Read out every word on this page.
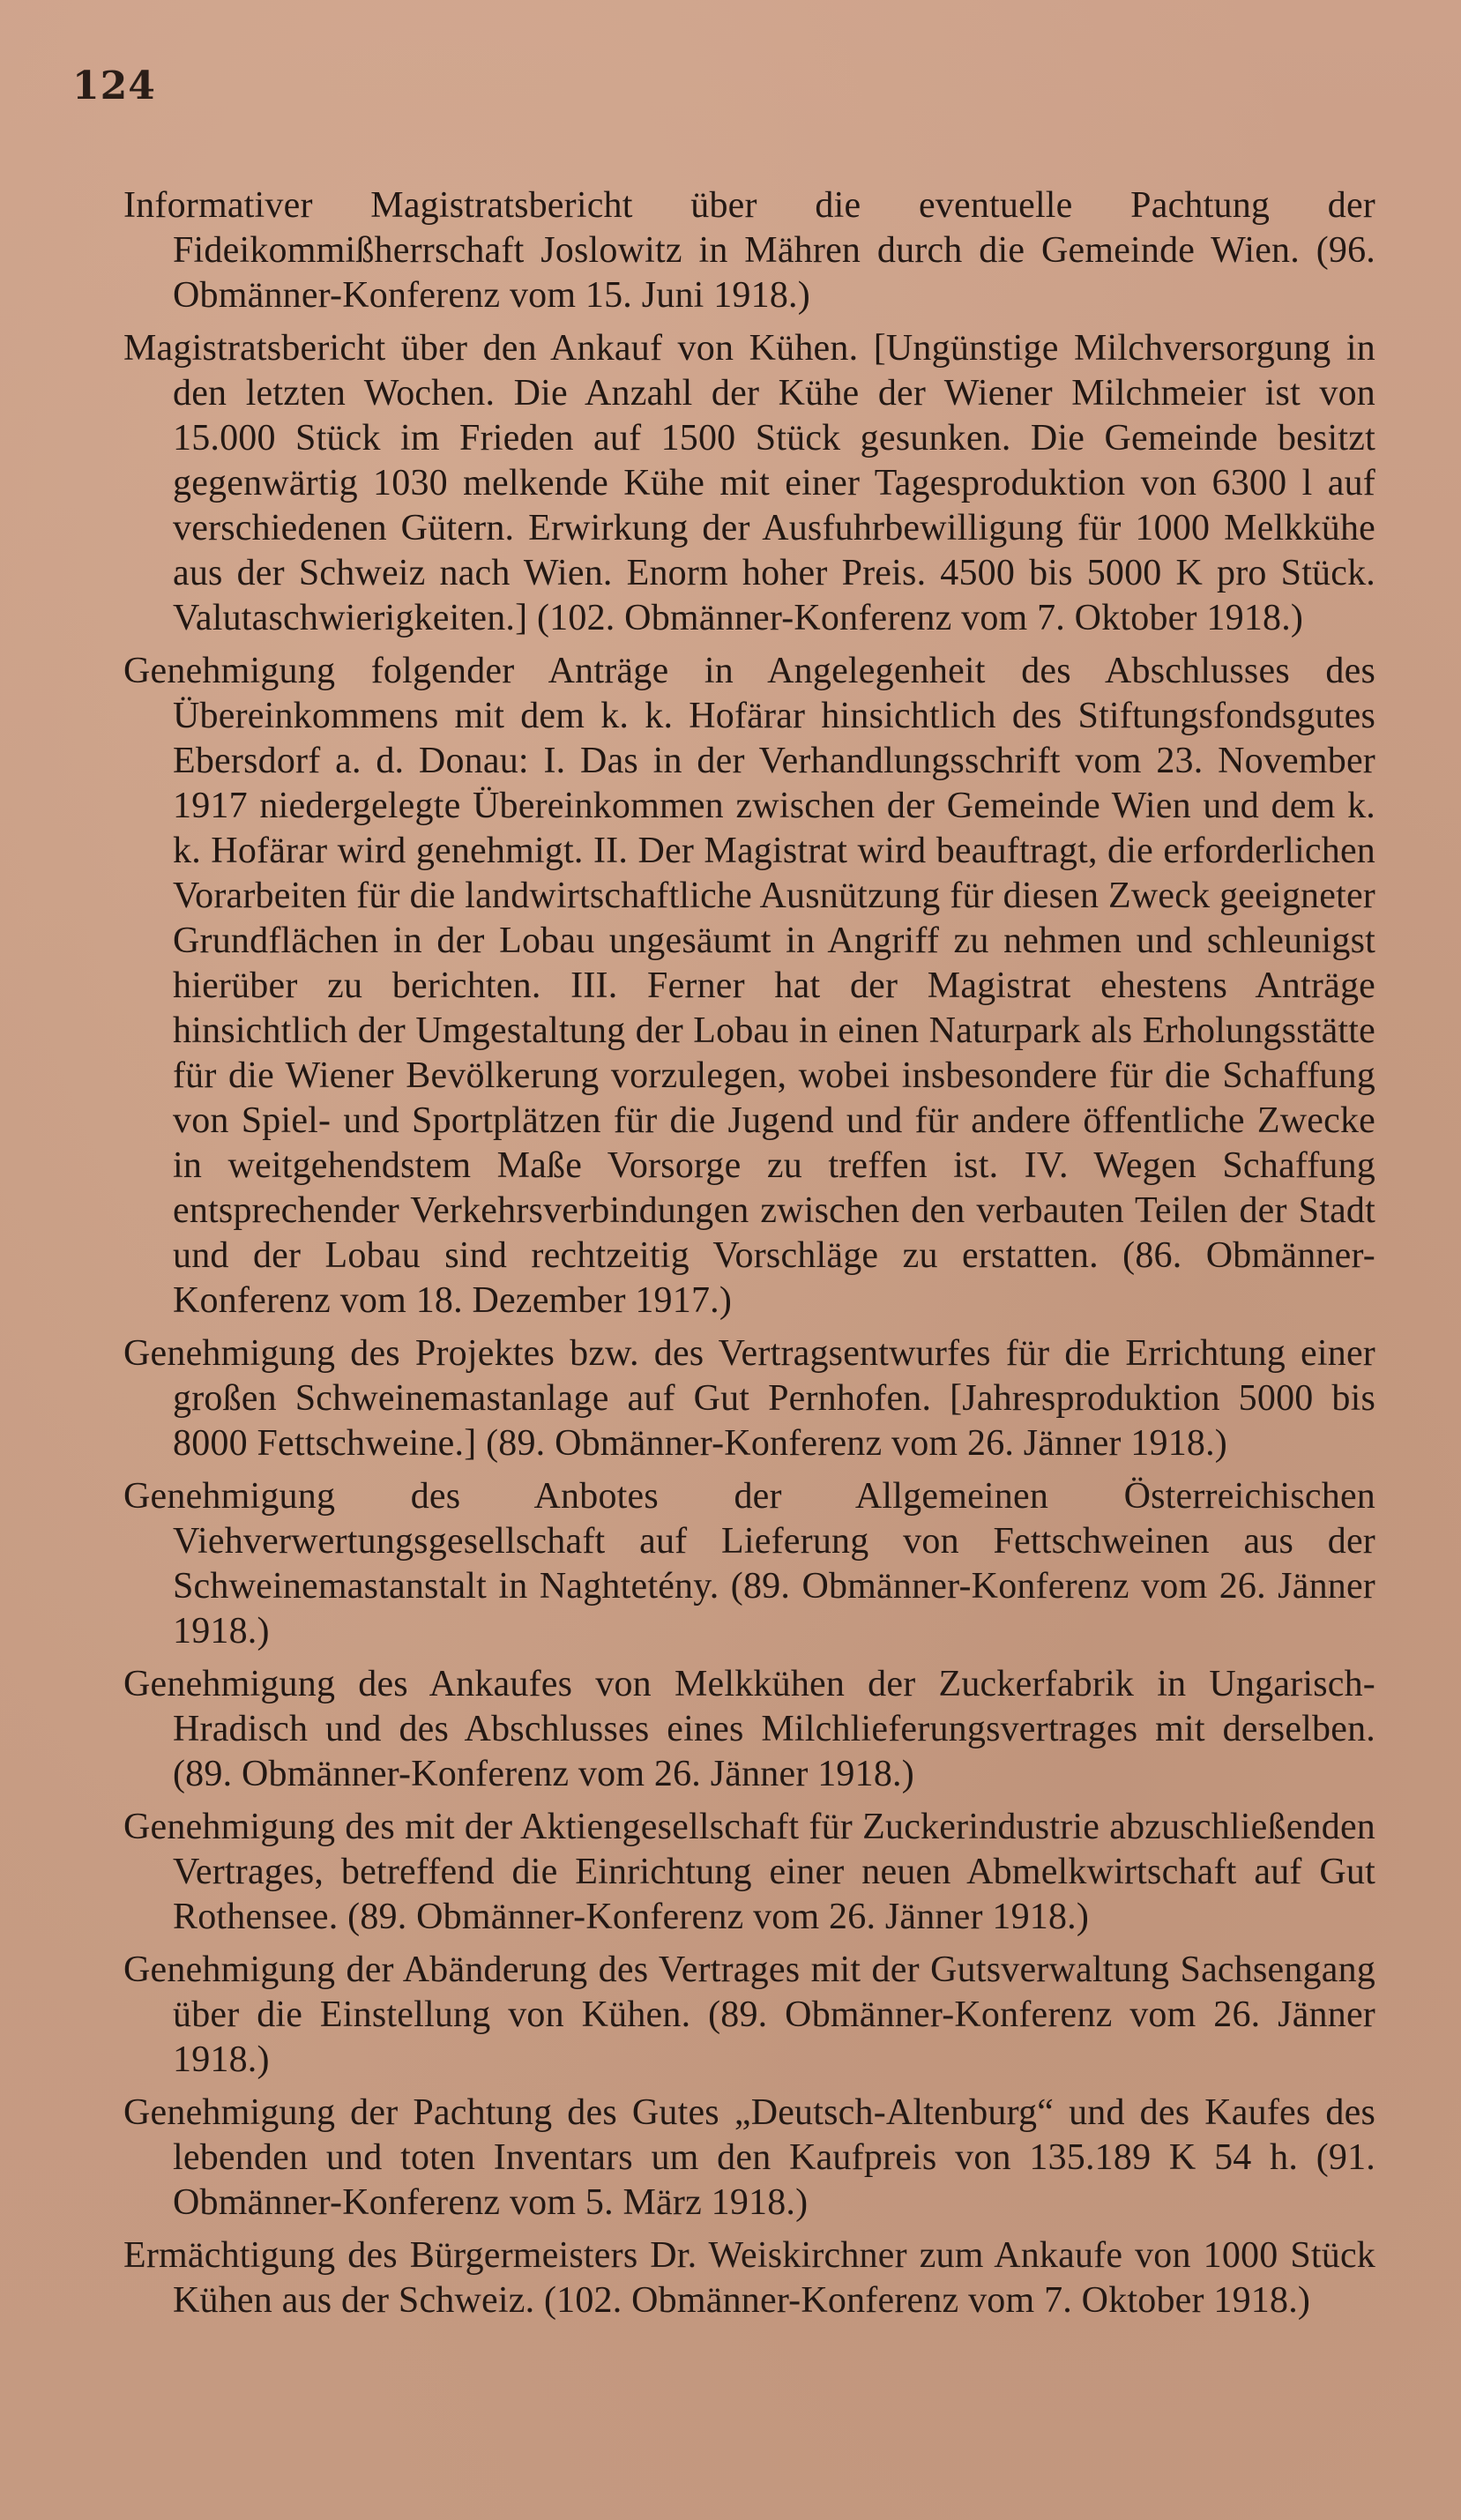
124

Informativer Magistratsbericht über die eventuelle Pachtung der Fideikommißherrschaft Joslowitz in Mähren durch die Gemeinde Wien. (96. Obmänner-Konferenz vom 15. Juni 1918.)

Magistratsbericht über den Ankauf von Kühen. [Ungünstige Milchversorgung in den letzten Wochen. Die Anzahl der Kühe der Wiener Milchmeier ist von 15.000 Stück im Frieden auf 1500 Stück gesunken. Die Gemeinde besitzt gegenwärtig 1030 melkende Kühe mit einer Tagesproduktion von 6300 l auf verschiedenen Gütern. Erwirkung der Ausfuhrbewilligung für 1000 Melkkühe aus der Schweiz nach Wien. Enorm hoher Preis. 4500 bis 5000 K pro Stück. Valutaschwierigkeiten.] (102. Obmänner-Konferenz vom 7. Oktober 1918.)

Genehmigung folgender Anträge in Angelegenheit des Abschlusses des Übereinkommens mit dem k. k. Hofärar hinsichtlich des Stiftungsfondsgutes Ebersdorf a. d. Donau: I. Das in der Verhandlungsschrift vom 23. November 1917 niedergelegte Übereinkommen zwischen der Gemeinde Wien und dem k. k. Hofärar wird genehmigt. II. Der Magistrat wird beauftragt, die erforderlichen Vorarbeiten für die landwirtschaftliche Ausnützung für diesen Zweck geeigneter Grundflächen in der Lobau ungesäumt in Angriff zu nehmen und schleunigst hierüber zu berichten. III. Ferner hat der Magistrat ehestens Anträge hinsichtlich der Umgestaltung der Lobau in einen Naturpark als Erholungsstätte für die Wiener Bevölkerung vorzulegen, wobei insbesondere für die Schaffung von Spiel- und Sportplätzen für die Jugend und für andere öffentliche Zwecke in weitgehendstem Maße Vorsorge zu treffen ist. IV. Wegen Schaffung entsprechender Verkehrsverbindungen zwischen den verbauten Teilen der Stadt und der Lobau sind rechtzeitig Vorschläge zu erstatten. (86. Obmänner-Konferenz vom 18. Dezember 1917.)

Genehmigung des Projektes bzw. des Vertragsentwurfes für die Errichtung einer großen Schweinemastanlage auf Gut Pernhofen. [Jahresproduktion 5000 bis 8000 Fettschweine.] (89. Obmänner-Konferenz vom 26. Jänner 1918.)

Genehmigung des Anbotes der Allgemeinen Österreichischen Viehverwertungsgesellschaft auf Lieferung von Fettschweinen aus der Schweinemastanstalt in Naghtetény. (89. Obmänner-Konferenz vom 26. Jänner 1918.)

Genehmigung des Ankaufes von Melkkühen der Zuckerfabrik in Ungarisch-Hradisch und des Abschlusses eines Milchlieferungsvertrages mit derselben. (89. Obmänner-Konferenz vom 26. Jänner 1918.)

Genehmigung des mit der Aktiengesellschaft für Zuckerindustrie abzuschließenden Vertrages, betreffend die Einrichtung einer neuen Abmelkwirtschaft auf Gut Rothensee. (89. Obmänner-Konferenz vom 26. Jänner 1918.)

Genehmigung der Abänderung des Vertrages mit der Gutsverwaltung Sachsengang über die Einstellung von Kühen. (89. Obmänner-Konferenz vom 26. Jänner 1918.)

Genehmigung der Pachtung des Gutes „Deutsch-Altenburg“ und des Kaufes des lebenden und toten Inventars um den Kaufpreis von 135.189 K 54 h. (91. Obmänner-Konferenz vom 5. März 1918.)

Ermächtigung des Bürgermeisters Dr. Weiskirchner zum Ankaufe von 1000 Stück Kühen aus der Schweiz. (102. Obmänner-Konferenz vom 7. Oktober 1918.)
